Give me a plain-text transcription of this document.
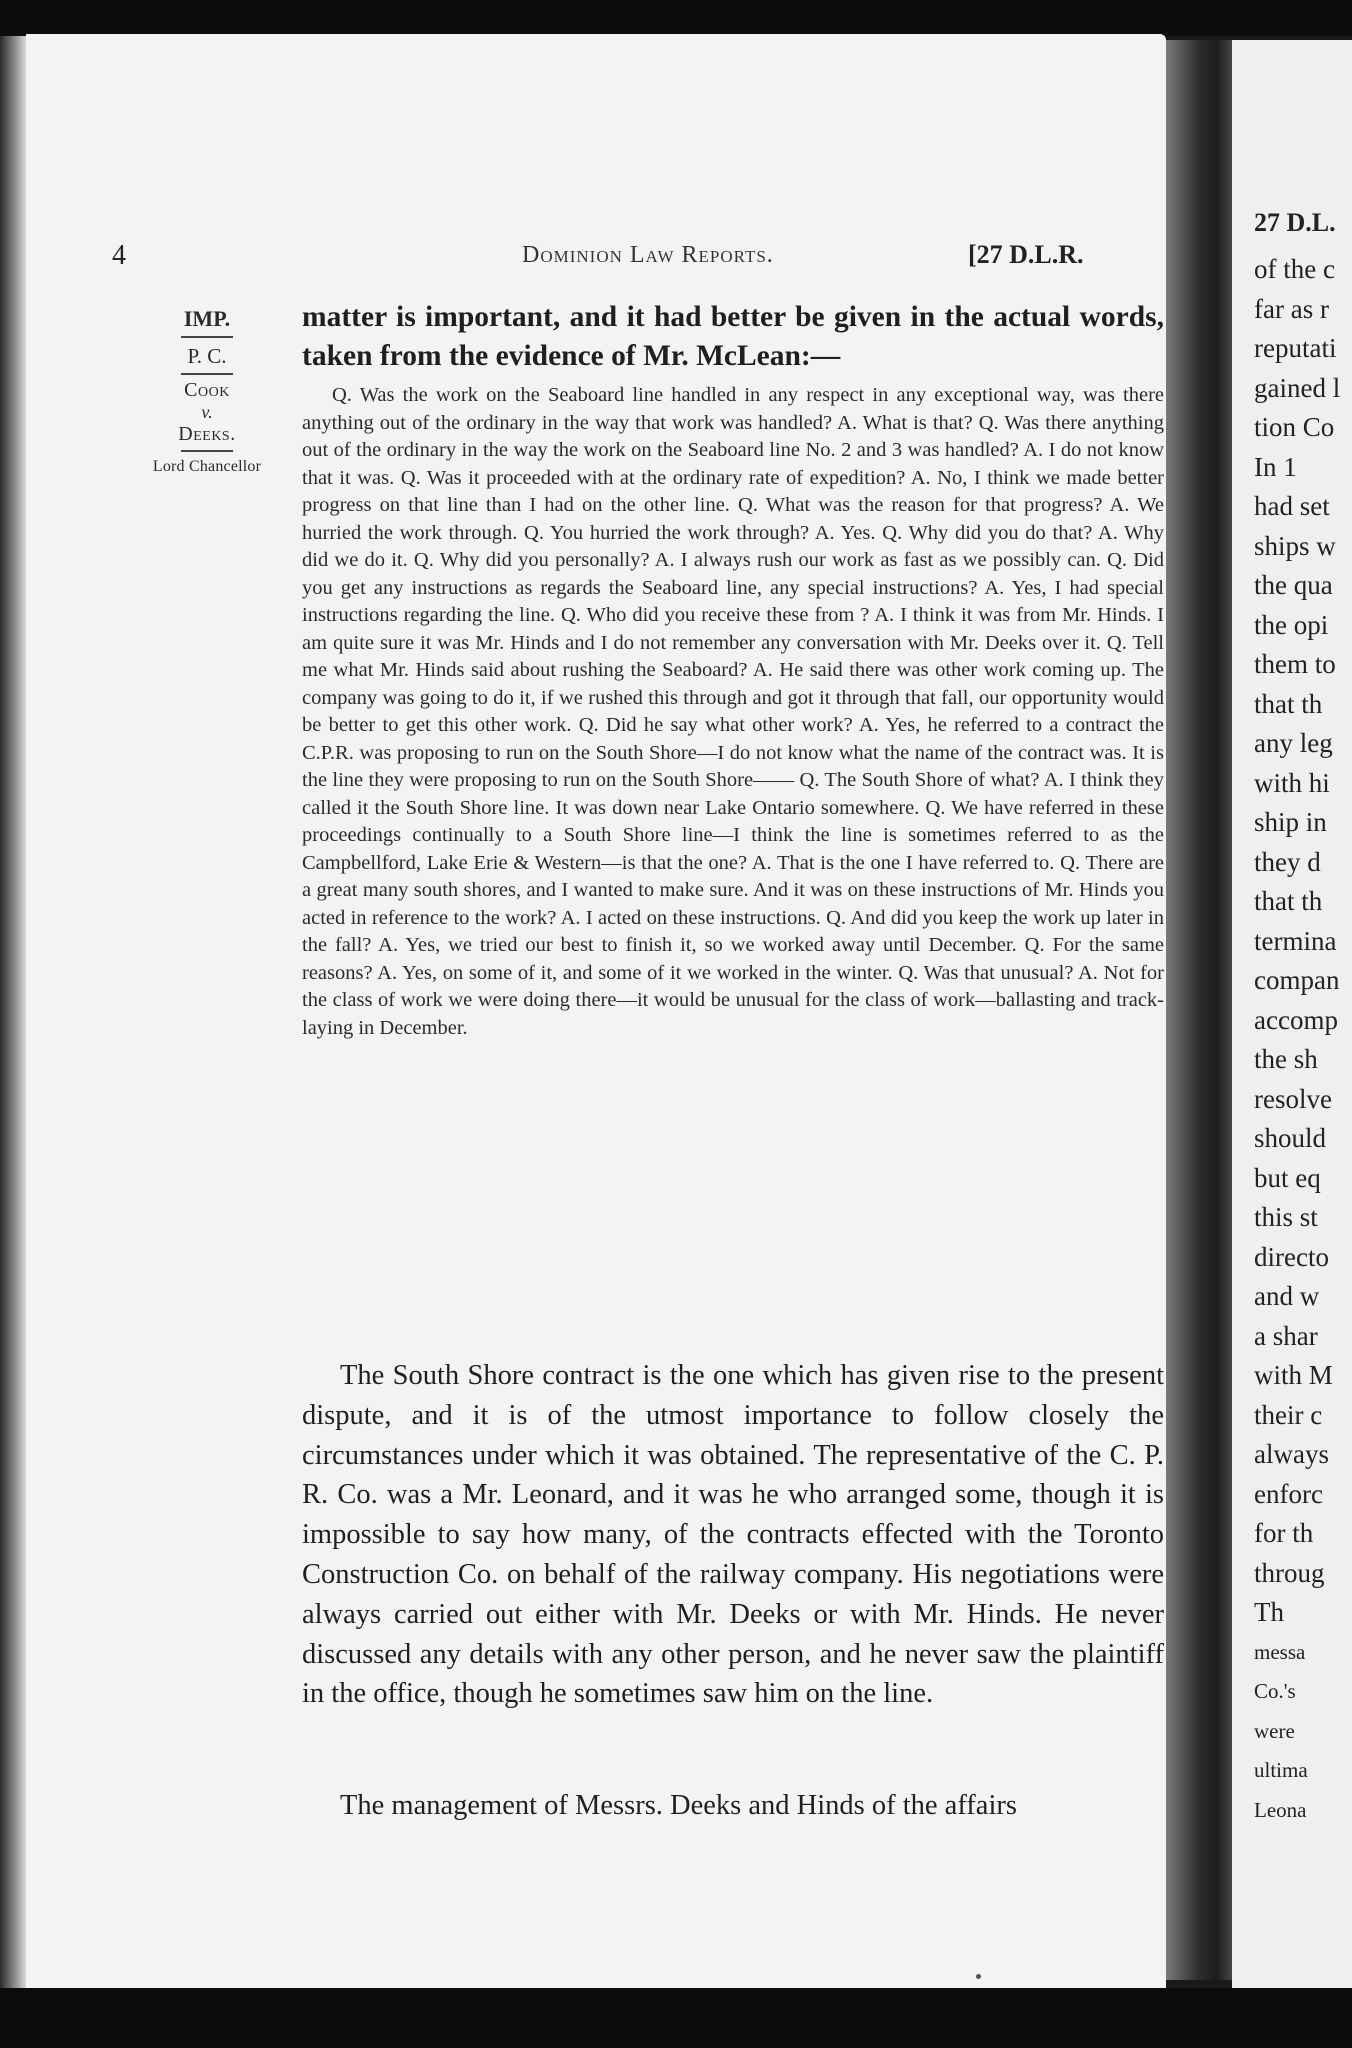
4	Dominion Law Reports.	[27 D.L.R.
IMP.
P. C.
Cook
v.
Deeks.
Lord Chancellor
matter is important, and it had better be given in the actual words, taken from the evidence of Mr. McLean:—

Q. Was the work on the Seaboard line handled in any respect in any exceptional way, was there anything out of the ordinary in the way that work was handled? A. What is that? Q. Was there anything out of the ordinary in the way the work on the Seaboard line No. 2 and 3 was handled? A. I do not know that it was. Q. Was it proceeded with at the ordinary rate of expedition? A. No, I think we made better progress on that line than I had on the other line. Q. What was the reason for that progress? A. We hurried the work through. Q. You hurried the work through? A. Yes. Q. Why did you do that? A. Why did we do it. Q. Why did you personally? A. I always rush our work as fast as we possibly can. Q. Did you get any instructions as regards the Seaboard line, any special instructions? A. Yes, I had special instructions regarding the line. Q. Who did you receive these from ? A. I think it was from Mr. Hinds. I am quite sure it was Mr. Hinds and I do not remember any conversation with Mr. Deeks over it. Q. Tell me what Mr. Hinds said about rushing the Seaboard? A. He said there was other work coming up. The company was going to do it, if we rushed this through and got it through that fall, our opportunity would be better to get this other work. Q. Did he say what other work? A. Yes, he referred to a contract the C.P.R. was proposing to run on the South Shore—I do not know what the name of the contract was. It is the line they were proposing to run on the South Shore—— Q. The South Shore of what? A. I think they called it the South Shore line. It was down near Lake Ontario somewhere. Q. We have referred in these proceedings continually to a South Shore line—I think the line is sometimes referred to as the Campbellford, Lake Erie & Western—is that the one? A. That is the one I have referred to. Q. There are a great many south shores, and I wanted to make sure. And it was on these instructions of Mr. Hinds you acted in reference to the work? A. I acted on these instructions. Q. And did you keep the work up later in the fall? A. Yes, we tried our best to finish it, so we worked away until December. Q. For the same reasons? A. Yes, on some of it, and some of it we worked in the winter. Q. Was that unusual? A. Not for the class of work we were doing there—it would be unusual for the class of work—ballasting and track-laying in December.

The South Shore contract is the one which has given rise to the present dispute, and it is of the utmost importance to follow closely the circumstances under which it was obtained. The representative of the C. P. R. Co. was a Mr. Leonard, and it was he who arranged some, though it is impossible to say how many, of the contracts effected with the Toronto Construction Co. on behalf of the railway company. His negotiations were always carried out either with Mr. Deeks or with Mr. Hinds. He never discussed any details with any other person, and he never saw the plaintiff in the office, though he sometimes saw him on the line.

The management of Messrs. Deeks and Hinds of the affairs

27 D.L.
of the c
far as r
reputati
gained l
tion Co
In 1
had set
ships w
the qua
the opi
them to
that th
any leg
with hi
ship in
they d
that th
termina
compan
accomp
the sh
resolve
should
but eq
this st
directo
and w
a shar
with M
their c
always
enforc
for th
throug
Th
messa
Co.'s
were
ultima
Leona
